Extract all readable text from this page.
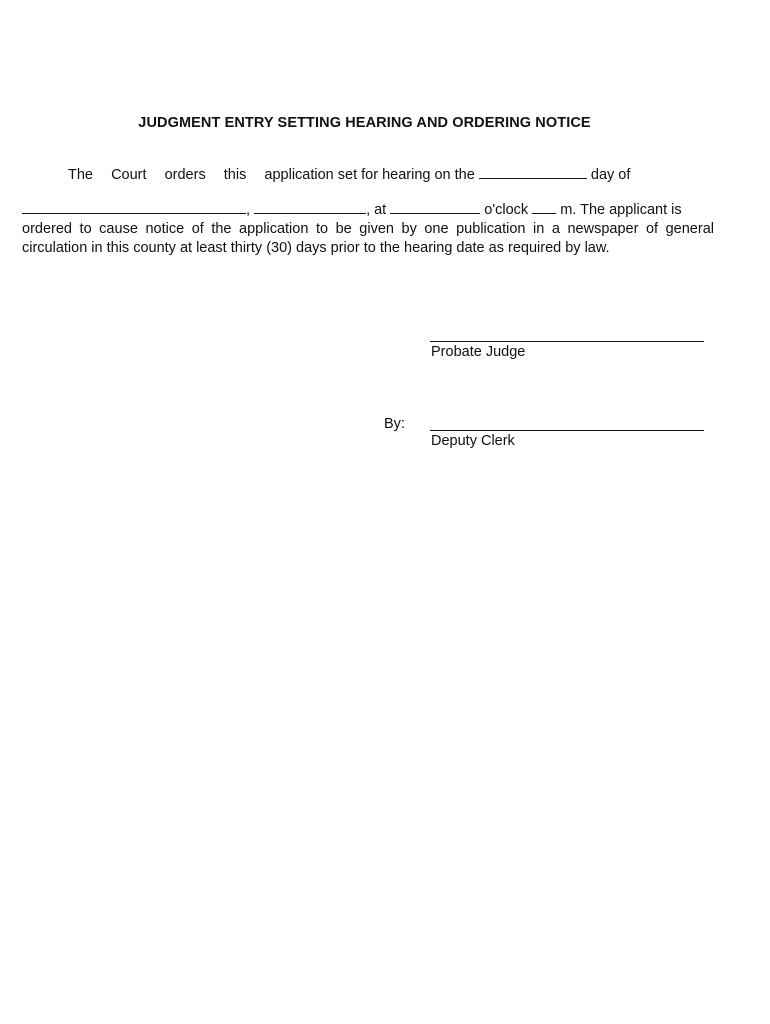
JUDGMENT ENTRY SETTING HEARING AND ORDERING NOTICE
The Court orders this application set for hearing on the	day of
,	, at	o'clock m. The applicant is
ordered to cause notice of the application to be given by one publication in a newspaper of general
circulation in this county at least thirty (30) days prior to the hearing date as required by law.
Probate Judge
By:
Deputy Clerk
